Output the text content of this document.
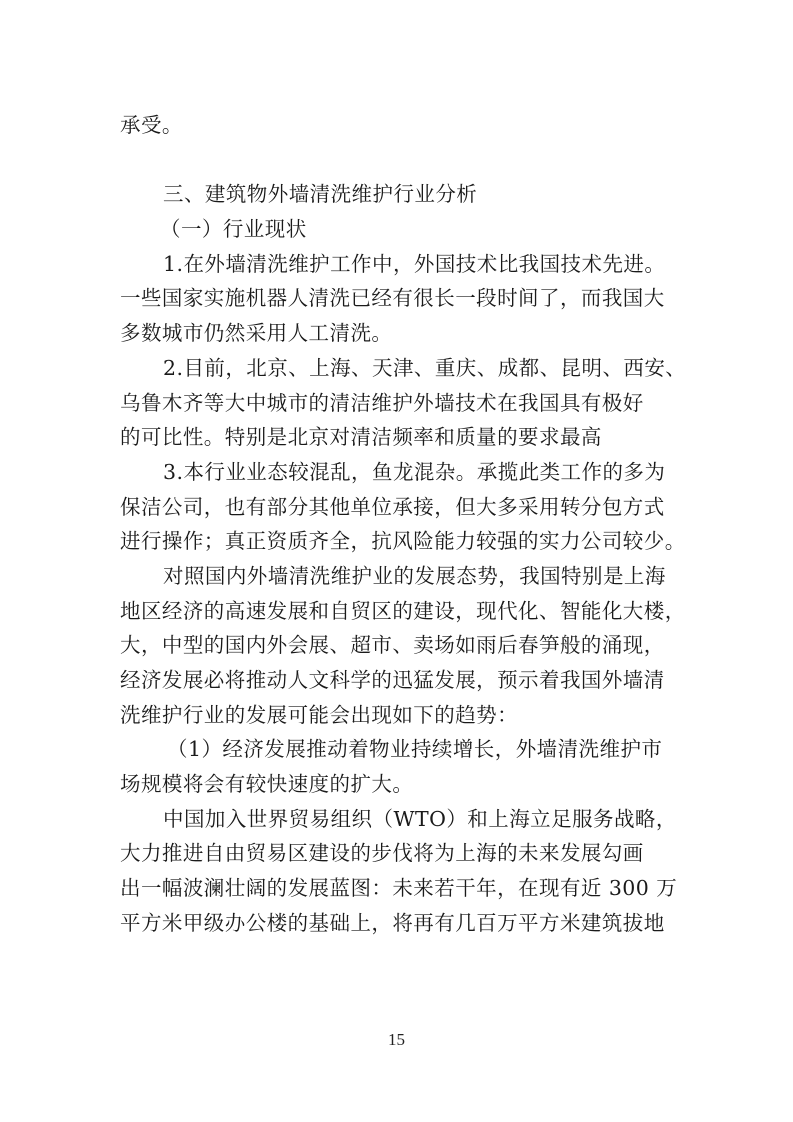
承受。
三、建筑物外墙清洗维护行业分析
（一）行业现状
1.在外墙清洗维护工作中，外国技术比我国技术先进。
一些国家实施机器人清洗已经有很长一段时间了，而我国大
多数城市仍然采用人工清洗。
2.目前，北京、上海、天津、重庆、成都、昆明、西安、
乌鲁木齐等大中城市的清洁维护外墙技术在我国具有极好
的可比性。特别是北京对清洁频率和质量的要求最高
3.本行业业态较混乱，鱼龙混杂。承揽此类工作的多为
保洁公司，也有部分其他单位承接，但大多采用转分包方式
进行操作；真正资质齐全，抗风险能力较强的实力公司较少。
对照国内外墙清洗维护业的发展态势，我国特别是上海
地区经济的高速发展和自贸区的建设，现代化、智能化大楼，
大，中型的国内外会展、超市、卖场如雨后春笋般的涌现，
经济发展必将推动人文科学的迅猛发展，预示着我国外墙清
洗维护行业的发展可能会出现如下的趋势：
（1）经济发展推动着物业持续增长，外墙清洗维护市
场规模将会有较快速度的扩大。
中国加入世界贸易组织（WTO）和上海立足服务战略，
大力推进自由贸易区建设的步伐将为上海的未来发展勾画
出一幅波澜壮阔的发展蓝图：未来若干年，在现有近 300 万
平方米甲级办公楼的基础上，将再有几百万平方米建筑拔地
15
